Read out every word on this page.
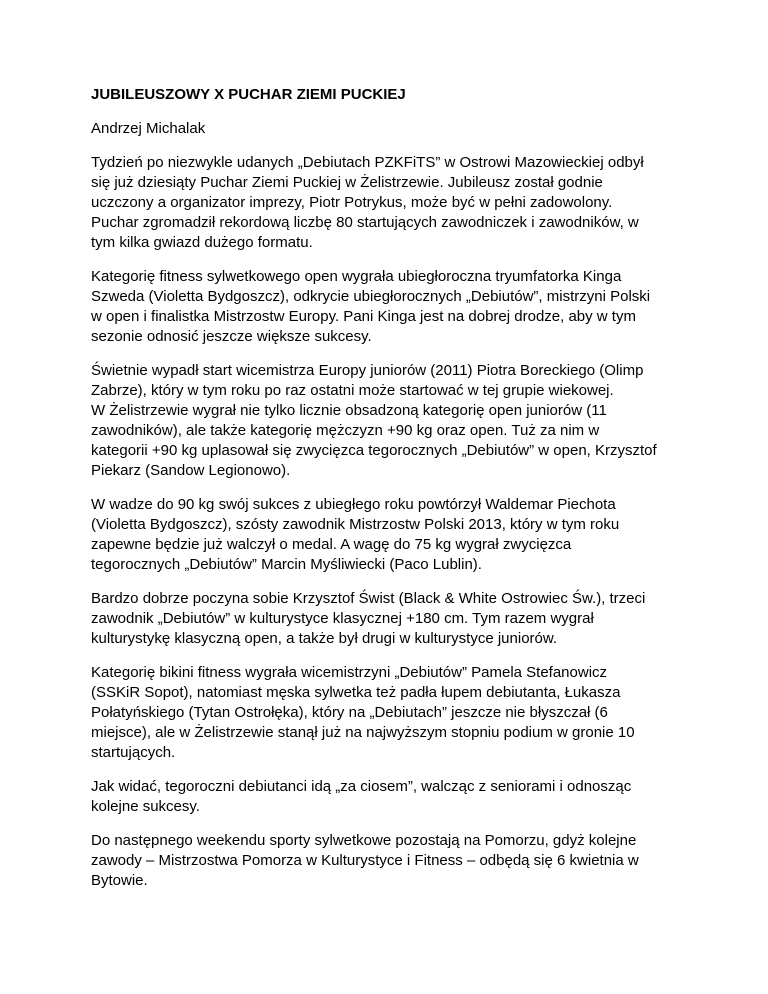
JUBILEUSZOWY X PUCHAR ZIEMI PUCKIEJ
Andrzej Michalak
Tydzień po niezwykle udanych „Debiutach PZKFiTS” w Ostrowi Mazowieckiej odbył
się już dziesiąty Puchar Ziemi Puckiej w Żelistrzewie. Jubileusz został godnie
uczczony a organizator imprezy, Piotr Potrykus, może być w pełni zadowolony.
Puchar zgromadził rekordową liczbę 80 startujących zawodniczek i zawodników, w
tym kilka gwiazd dużego formatu.
Kategorię fitness sylwetkowego open wygrała ubiegłoroczna tryumfatorka Kinga
Szweda (Violetta Bydgoszcz), odkrycie ubiegłorocznych „Debiutów”, mistrzyni Polski
w open i finalistka Mistrzostw Europy. Pani Kinga jest na dobrej drodze, aby w tym
sezonie odnosić jeszcze większe sukcesy.
Świetnie wypadł start wicemistrza Europy juniorów (2011) Piotra Boreckiego (Olimp
Zabrze), który w tym roku po raz ostatni może startować w tej grupie wiekowej.
W Żelistrzewie wygrał nie tylko licznie obsadzoną kategorię open juniorów (11
zawodników), ale także kategorię mężczyzn +90 kg oraz open. Tuż za nim w
kategorii +90 kg uplasował się zwycięzca tegorocznych „Debiutów” w open, Krzysztof
Piekarz (Sandow Legionowo).
W wadze do 90 kg swój sukces z ubiegłego roku powtórzył Waldemar Piechota
(Violetta Bydgoszcz), szósty zawodnik Mistrzostw Polski 2013, który w tym roku
zapewne będzie już walczył o medal. A wagę do 75 kg wygrał zwycięzca
tegorocznych „Debiutów” Marcin Myśliwiecki (Paco Lublin).
Bardzo dobrze poczyna sobie Krzysztof Świst (Black & White Ostrowiec Św.), trzeci
zawodnik „Debiutów” w kulturystyce klasycznej +180 cm. Tym razem wygrał
kulturystykę klasyczną open, a także był drugi w kulturystyce juniorów.
Kategorię bikini fitness wygrała wicemistrzyni „Debiutów” Pamela Stefanowicz
(SSKiR Sopot), natomiast męska sylwetka też padła łupem debiutanta, Łukasza
Połatyńskiego (Tytan Ostrołęka), który na „Debiutach” jeszcze nie błyszczał (6
miejsce), ale w Żelistrzewie stanął już na najwyższym stopniu podium w gronie 10
startujących.
Jak widać, tegoroczni debiutanci idą „za ciosem”, walcząc z seniorami i odnosząc
kolejne sukcesy.
Do następnego weekendu sporty sylwetkowe pozostają na Pomorzu, gdyż kolejne
zawody – Mistrzostwa Pomorza w Kulturystyce i Fitness – odbędą się 6 kwietnia w
Bytowie.
